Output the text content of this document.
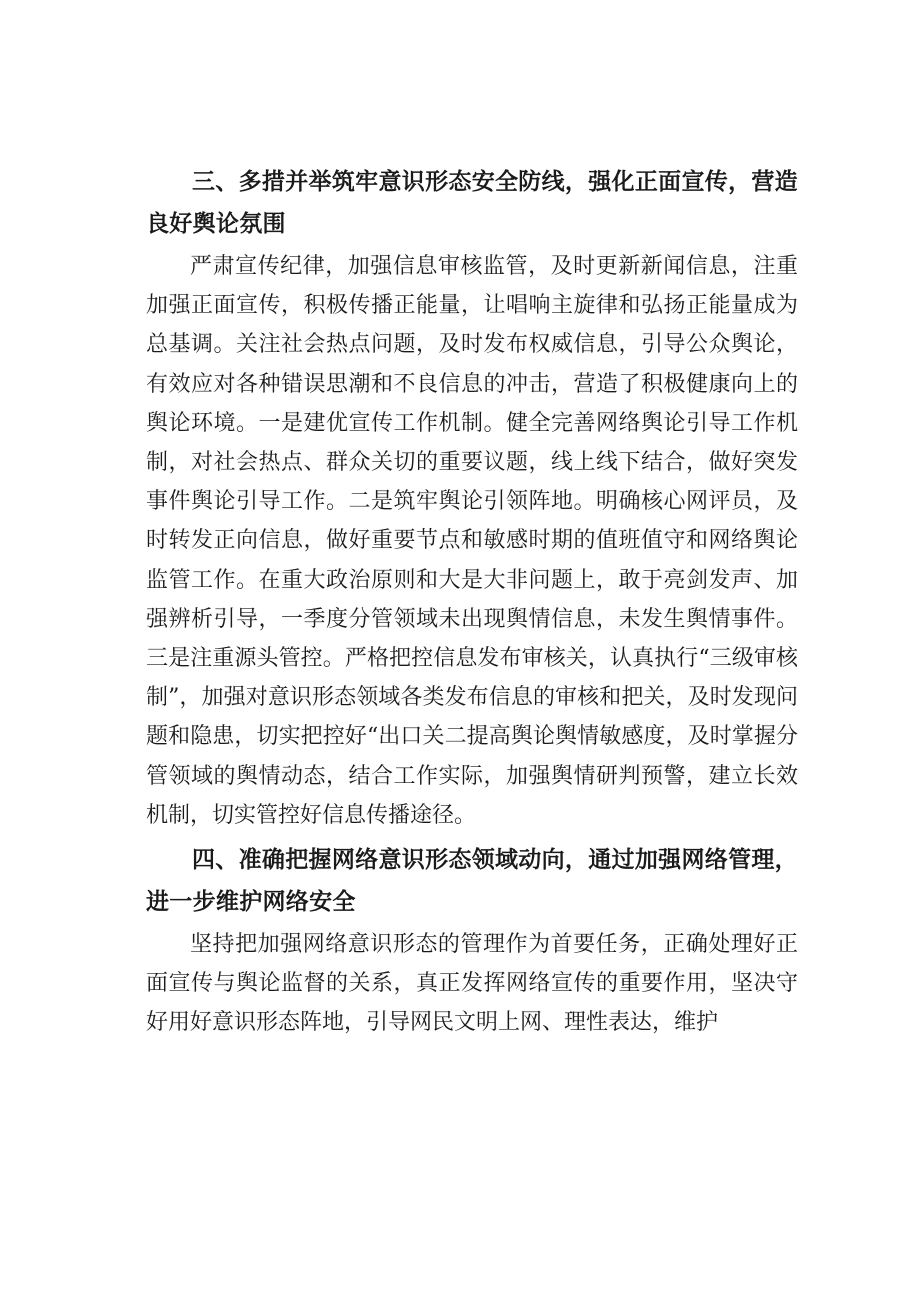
三、多措并举筑牢意识形态安全防线，强化正面宣传，营造良好舆论氛围

严肃宣传纪律，加强信息审核监管，及时更新新闻信息，注重加强正面宣传，积极传播正能量，让唱响主旋律和弘扬正能量成为总基调。关注社会热点问题，及时发布权威信息，引导公众舆论，有效应对各种错误思潮和不良信息的冲击，营造了积极健康向上的舆论环境。一是建优宣传工作机制。健全完善网络舆论引导工作机制，对社会热点、群众关切的重要议题，线上线下结合，做好突发事件舆论引导工作。二是筑牢舆论引领阵地。明确核心网评员，及时转发正向信息，做好重要节点和敏感时期的值班值守和网络舆论监管工作。在重大政治原则和大是大非问题上，敢于亮剑发声、加强辨析引导，一季度分管领域未出现舆情信息，未发生舆情事件。三是注重源头管控。严格把控信息发布审核关，认真执行“三级审核制”，加强对意识形态领域各类发布信息的审核和把关，及时发现问题和隐患，切实把控好“出口关二提高舆论舆情敏感度，及时掌握分管领域的舆情动态，结合工作实际，加强舆情研判预警，建立长效机制，切实管控好信息传播途径。

四、准确把握网络意识形态领域动向，通过加强网络管理，进一步维护网络安全

坚持把加强网络意识形态的管理作为首要任务，正确处理好正面宣传与舆论监督的关系，真正发挥网络宣传的重要作用，坚决守好用好意识形态阵地，引导网民文明上网、理性表达，维护
